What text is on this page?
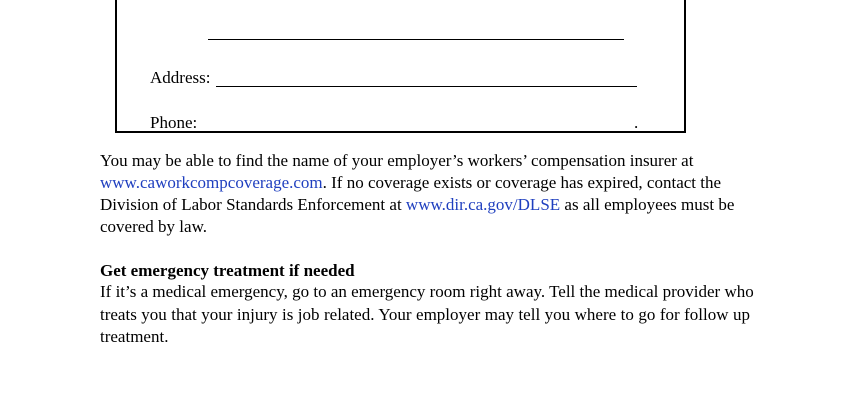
Address:
Phone:	.

You may be able to find the name of your employer’s workers’ compensation insurer at

www.caworkcompcoverage.com. If no coverage exists or coverage has expired, contact the

Division of Labor Standards Enforcement at www.dir.ca.gov/DLSE as all employees must be

covered by law.

Get emergency treatment if needed
If it’s a medical emergency, go to an emergency room right away. Tell the medical provider who
treats you that your injury is job related. Your employer may tell you where to go for follow up
treatment.
